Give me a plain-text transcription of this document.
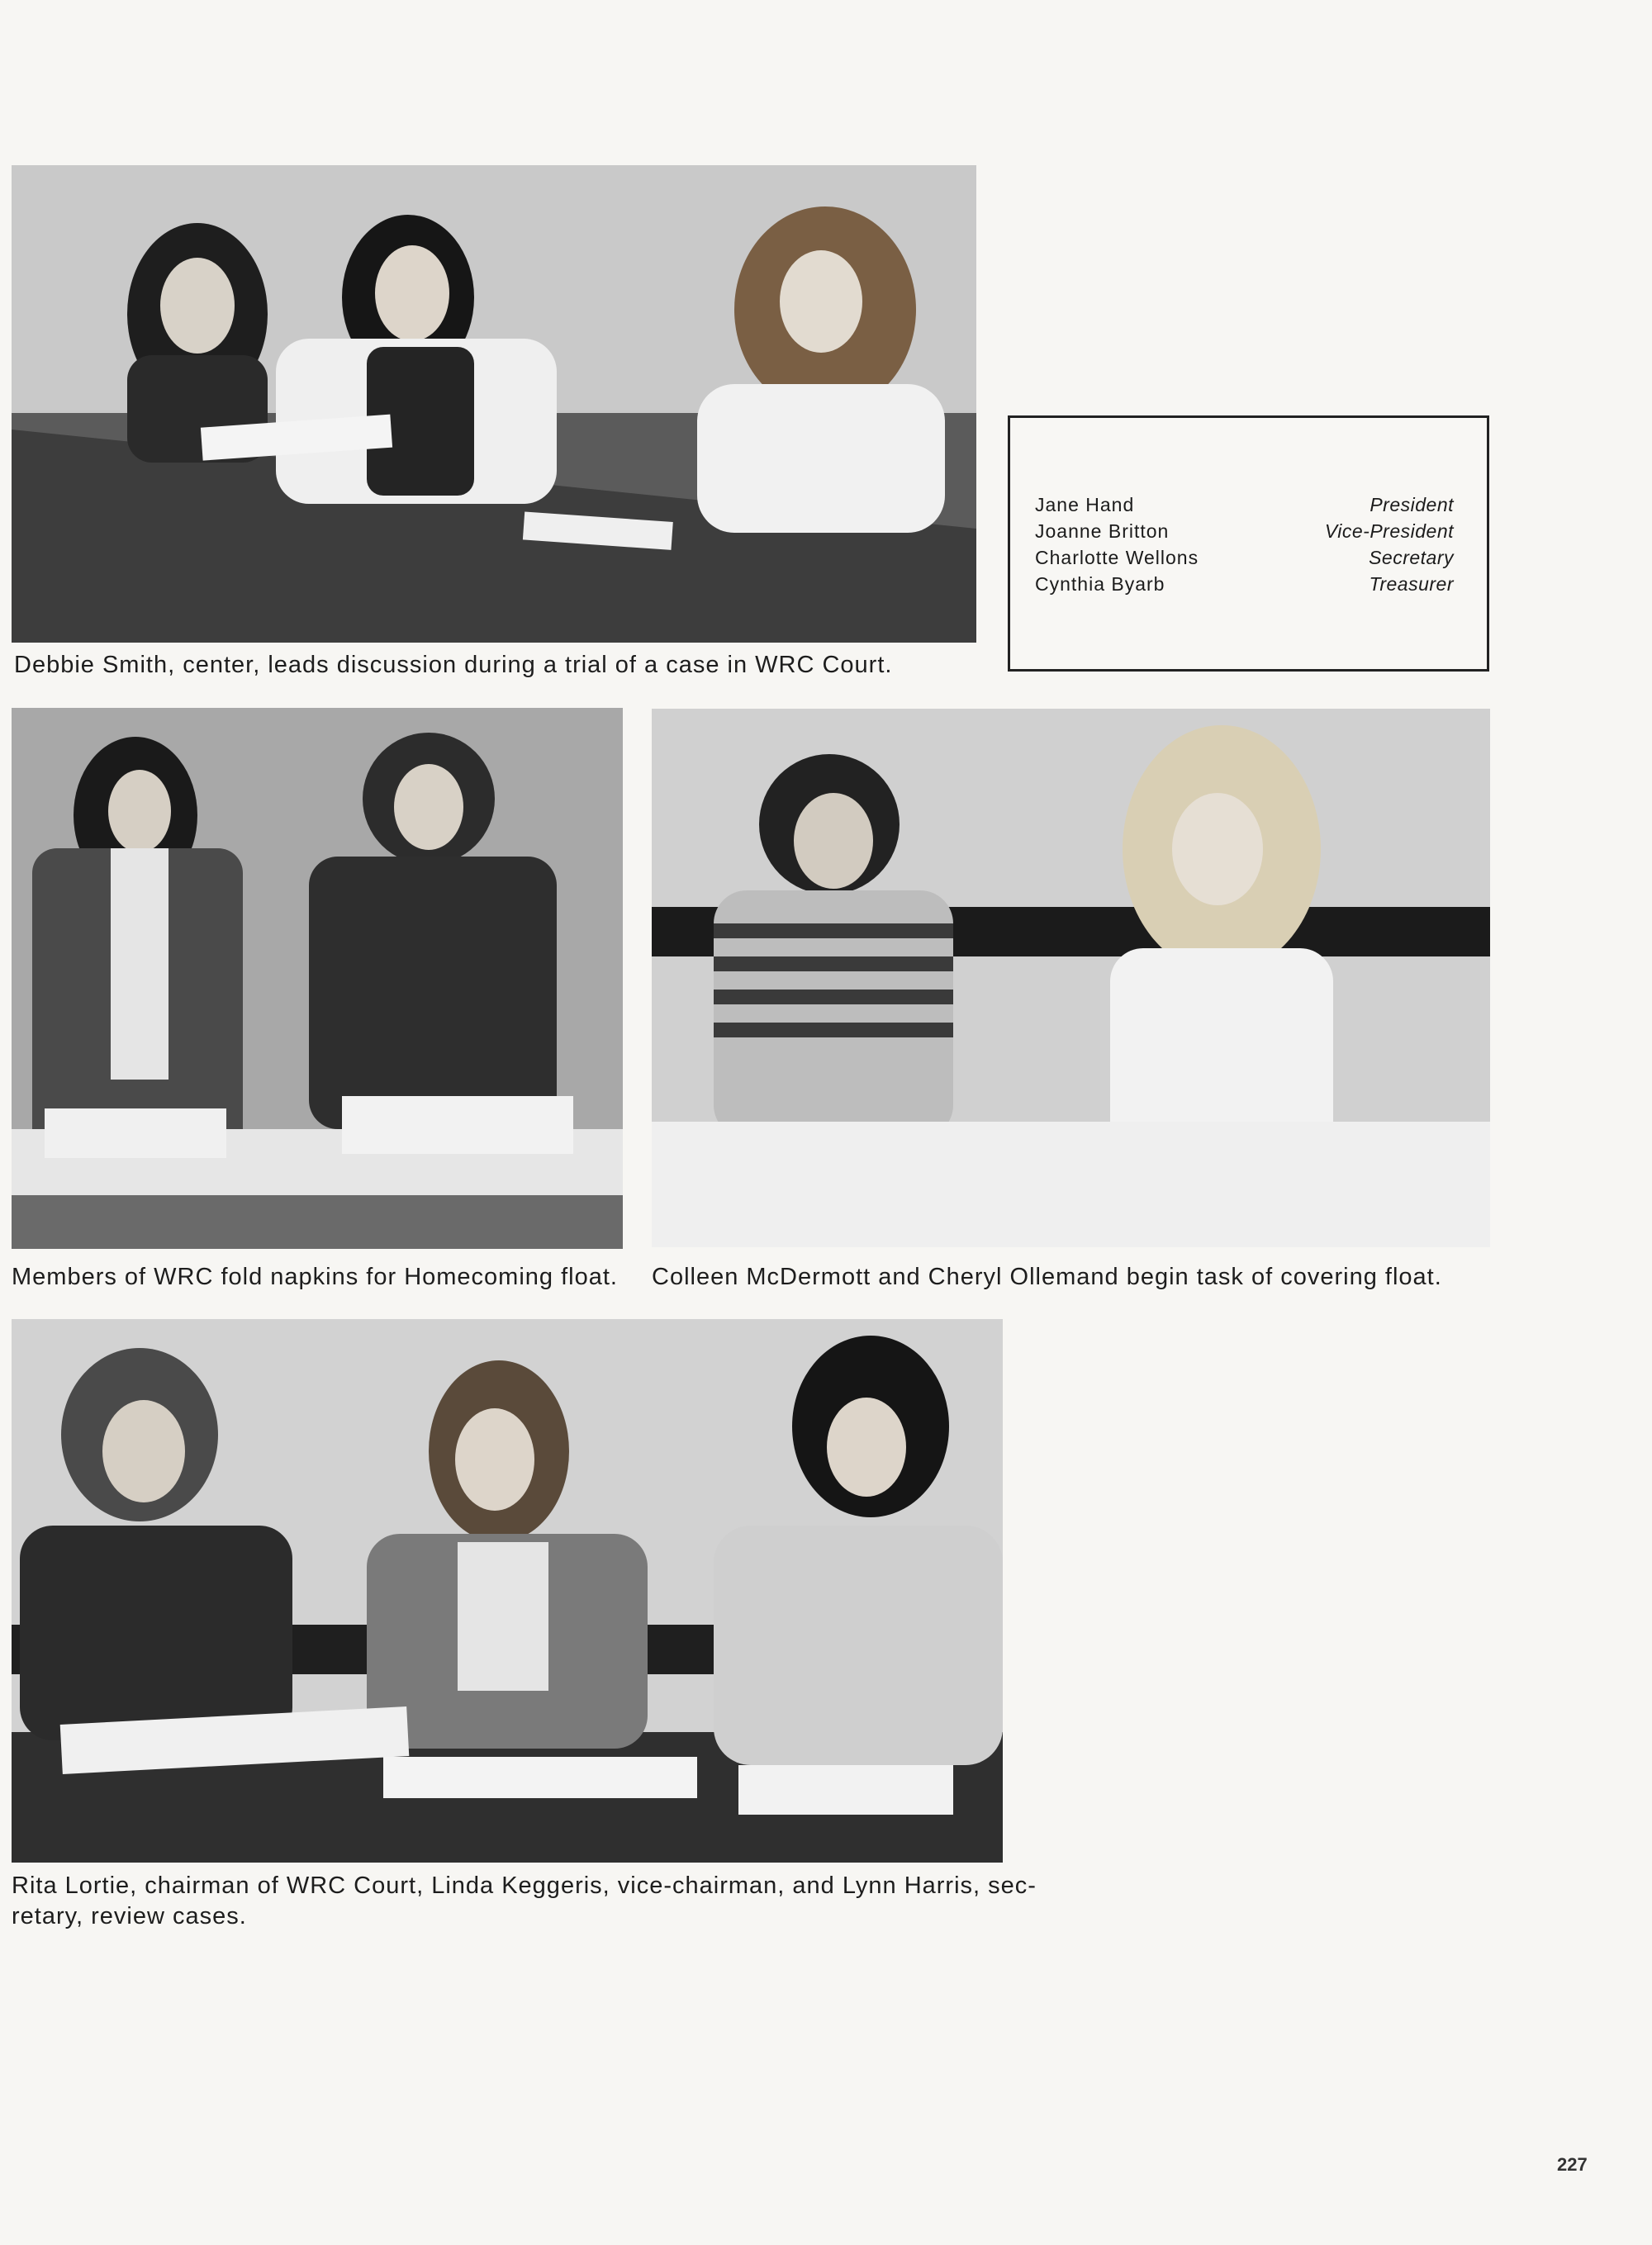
Debbie Smith, center, leads discussion during a trial of a case in WRC Court.
Jane Hand	President
Joanne Britton	Vice-President
Charlotte Wellons	Secretary
Cynthia Byarb	Treasurer
Members of WRC fold napkins for Homecoming float. Colleen McDermott and Cheryl Ollemand begin task of covering float.
Rita Lortie, chairman of WRC Court, Linda Keggeris, vice-chairman, and Lynn Harris, sec-
retary, review cases.
227
